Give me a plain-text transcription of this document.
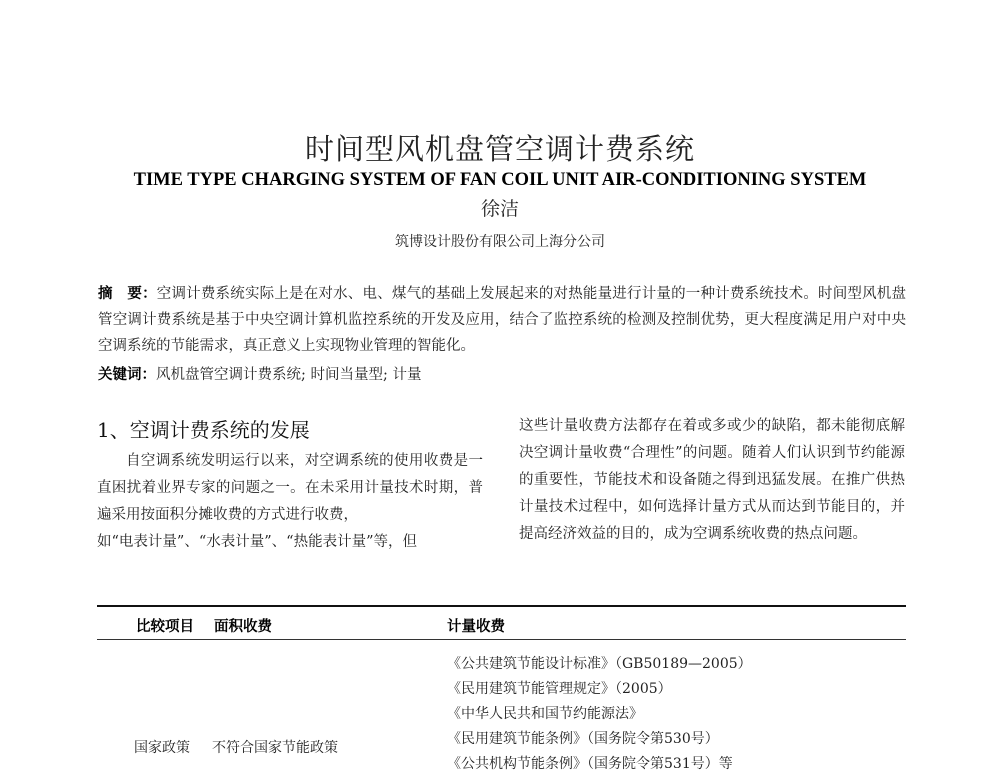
时间型风机盘管空调计费系统
TIME TYPE CHARGING SYSTEM OF FAN COIL UNIT AIR-CONDITIONING SYSTEM
徐洁
筑博设计股份有限公司上海分公司
摘　要：空调计费系统实际上是在对水、电、煤气的基础上发展起来的对热能量进行计量的一种计费系统技术。时间型风机盘管空调计费系统是基于中央空调计算机监控系统的开发及应用，结合了监控系统的检测及控制优势，更大程度满足用户对中央空调系统的节能需求，真正意义上实现物业管理的智能化。
关键词：风机盘管空调计费系统; 时间当量型; 计量
1、空调计费系统的发展

自空调系统发明运行以来，对空调系统的使用收费是一直困扰着业界专家的问题之一。在未采用计量技术时期，普遍采用按面积分摊收费的方式进行收费，

如“电表计量”、“水表计量”、“热能表计量”等，但

这些计量收费方法都存在着或多或少的缺陷，都未能彻底解决空调计量收费“合理性”的问题。随着人们认识到节约能源的重要性，节能技术和设备随之得到迅猛发展。在推广供热计量技术过程中，如何选择计量方式从而达到节能目的，并提高经济效益的目的，成为空调系统收费的热点问题。

比较项目 面积收费	计量收费
国家政策 不符合国家节能政策
《公共建筑节能设计标准》（GB50189—2005）
《民用建筑节能管理规定》（2005）
《中华人民共和国节约能源法》
《民用建筑节能条例》（国务院令第530号）
《公共机构节能条例》（国务院令第531号）等
